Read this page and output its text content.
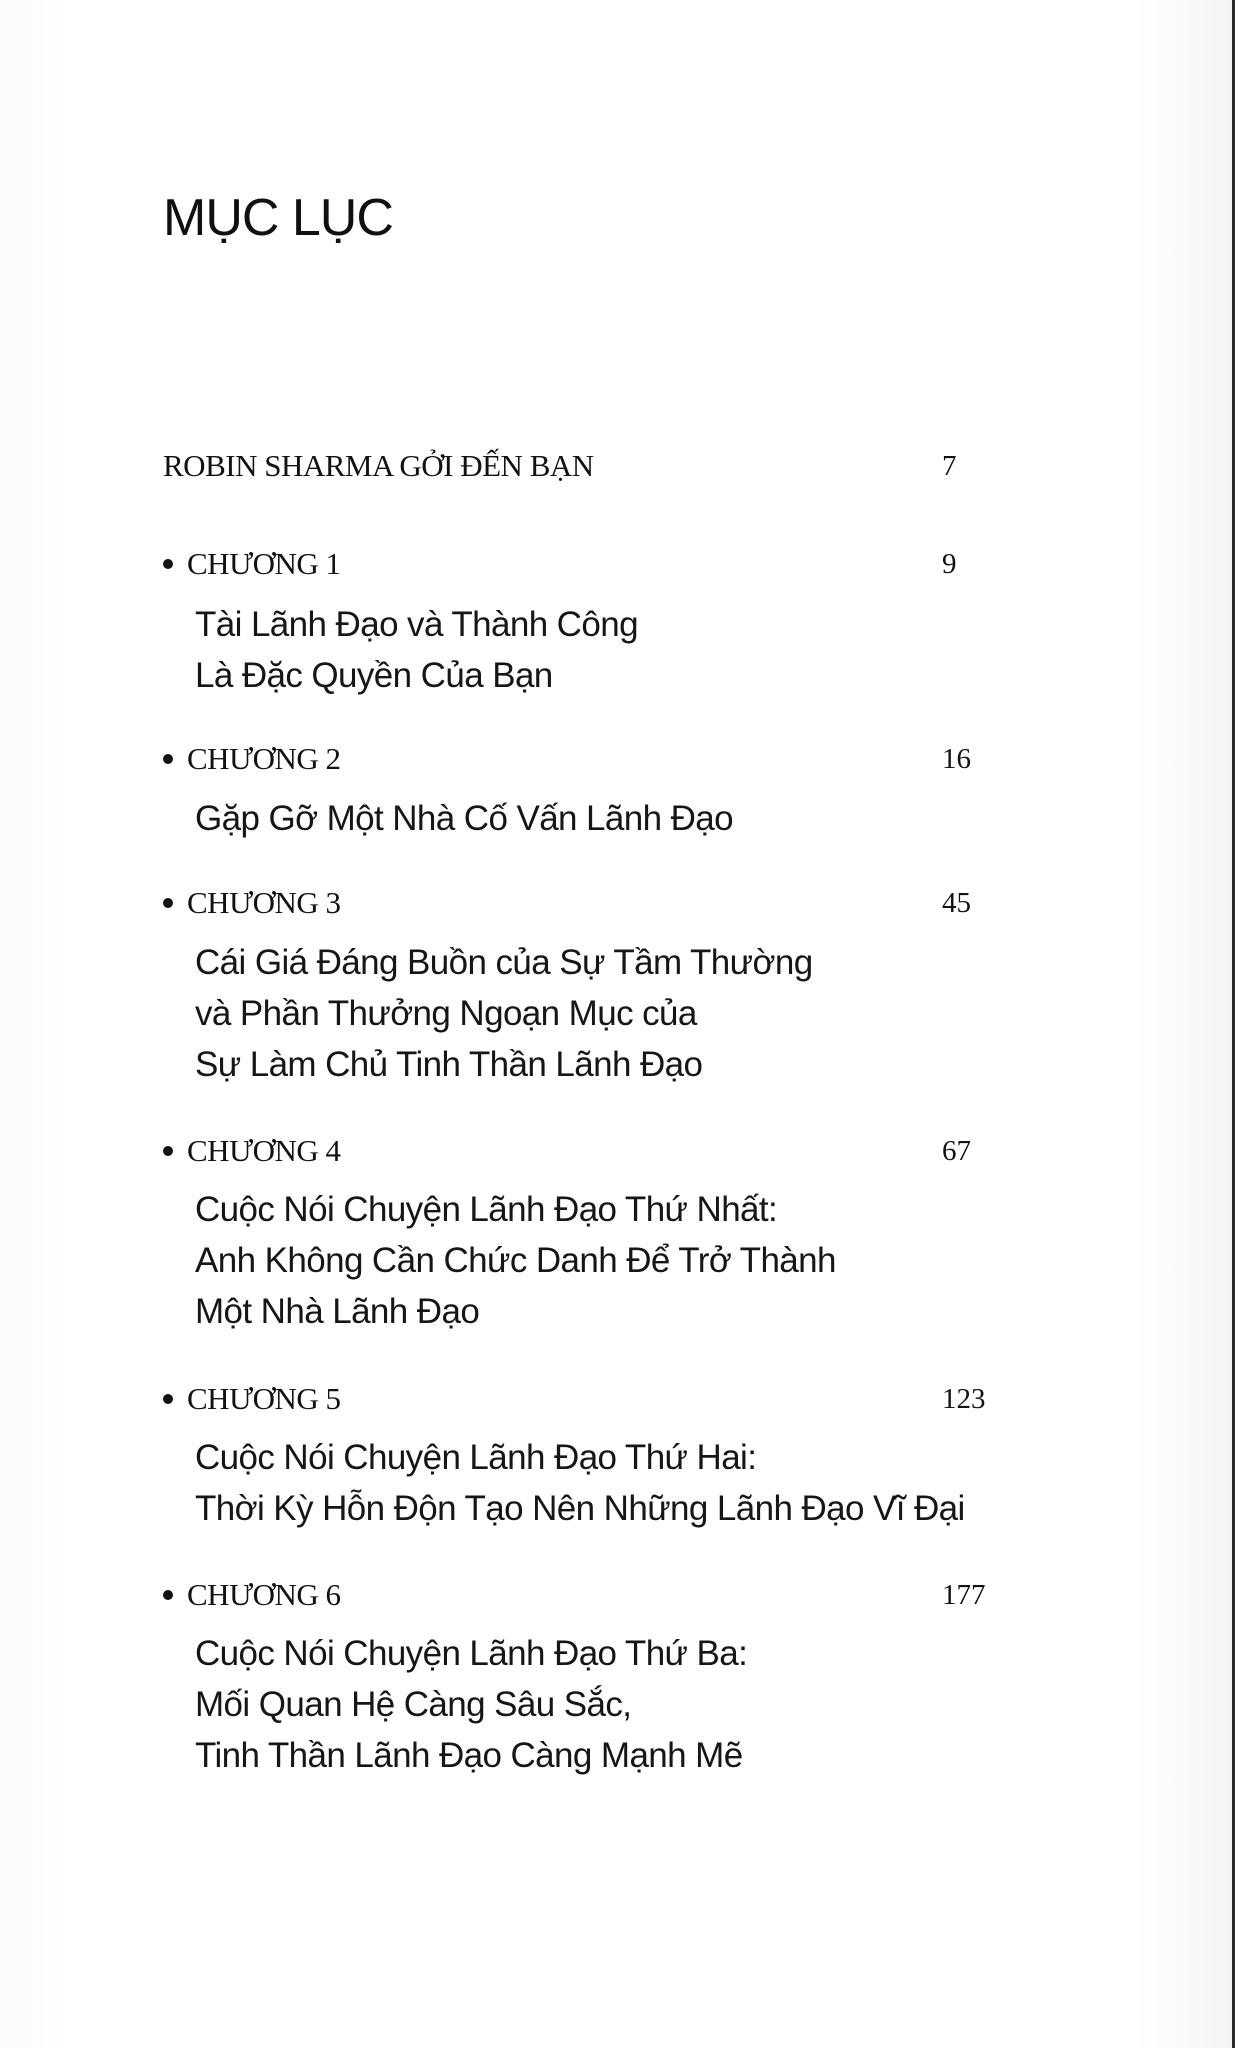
MỤC LỤC
ROBIN SHARMA GỞI ĐẾN BẠN	7
CHƯƠNG 1	9
Tài Lãnh Đạo và Thành Công
Là Đặc Quyền Của Bạn
CHƯƠNG 2	16
Gặp Gỡ Một Nhà Cố Vấn Lãnh Đạo
CHƯƠNG 3	45
Cái Giá Đáng Buồn của Sự Tầm Thường
và Phần Thưởng Ngoạn Mục của
Sự Làm Chủ Tinh Thần Lãnh Đạo
CHƯƠNG 4	67
Cuộc Nói Chuyện Lãnh Đạo Thứ Nhất:
Anh Không Cần Chức Danh Để Trở Thành
Một Nhà Lãnh Đạo
CHƯƠNG 5	123
Cuộc Nói Chuyện Lãnh Đạo Thứ Hai:
Thời Kỳ Hỗn Độn Tạo Nên Những Lãnh Đạo Vĩ Đại
CHƯƠNG 6	177
Cuộc Nói Chuyện Lãnh Đạo Thứ Ba:
Mối Quan Hệ Càng Sâu Sắc,
Tinh Thần Lãnh Đạo Càng Mạnh Mẽ
